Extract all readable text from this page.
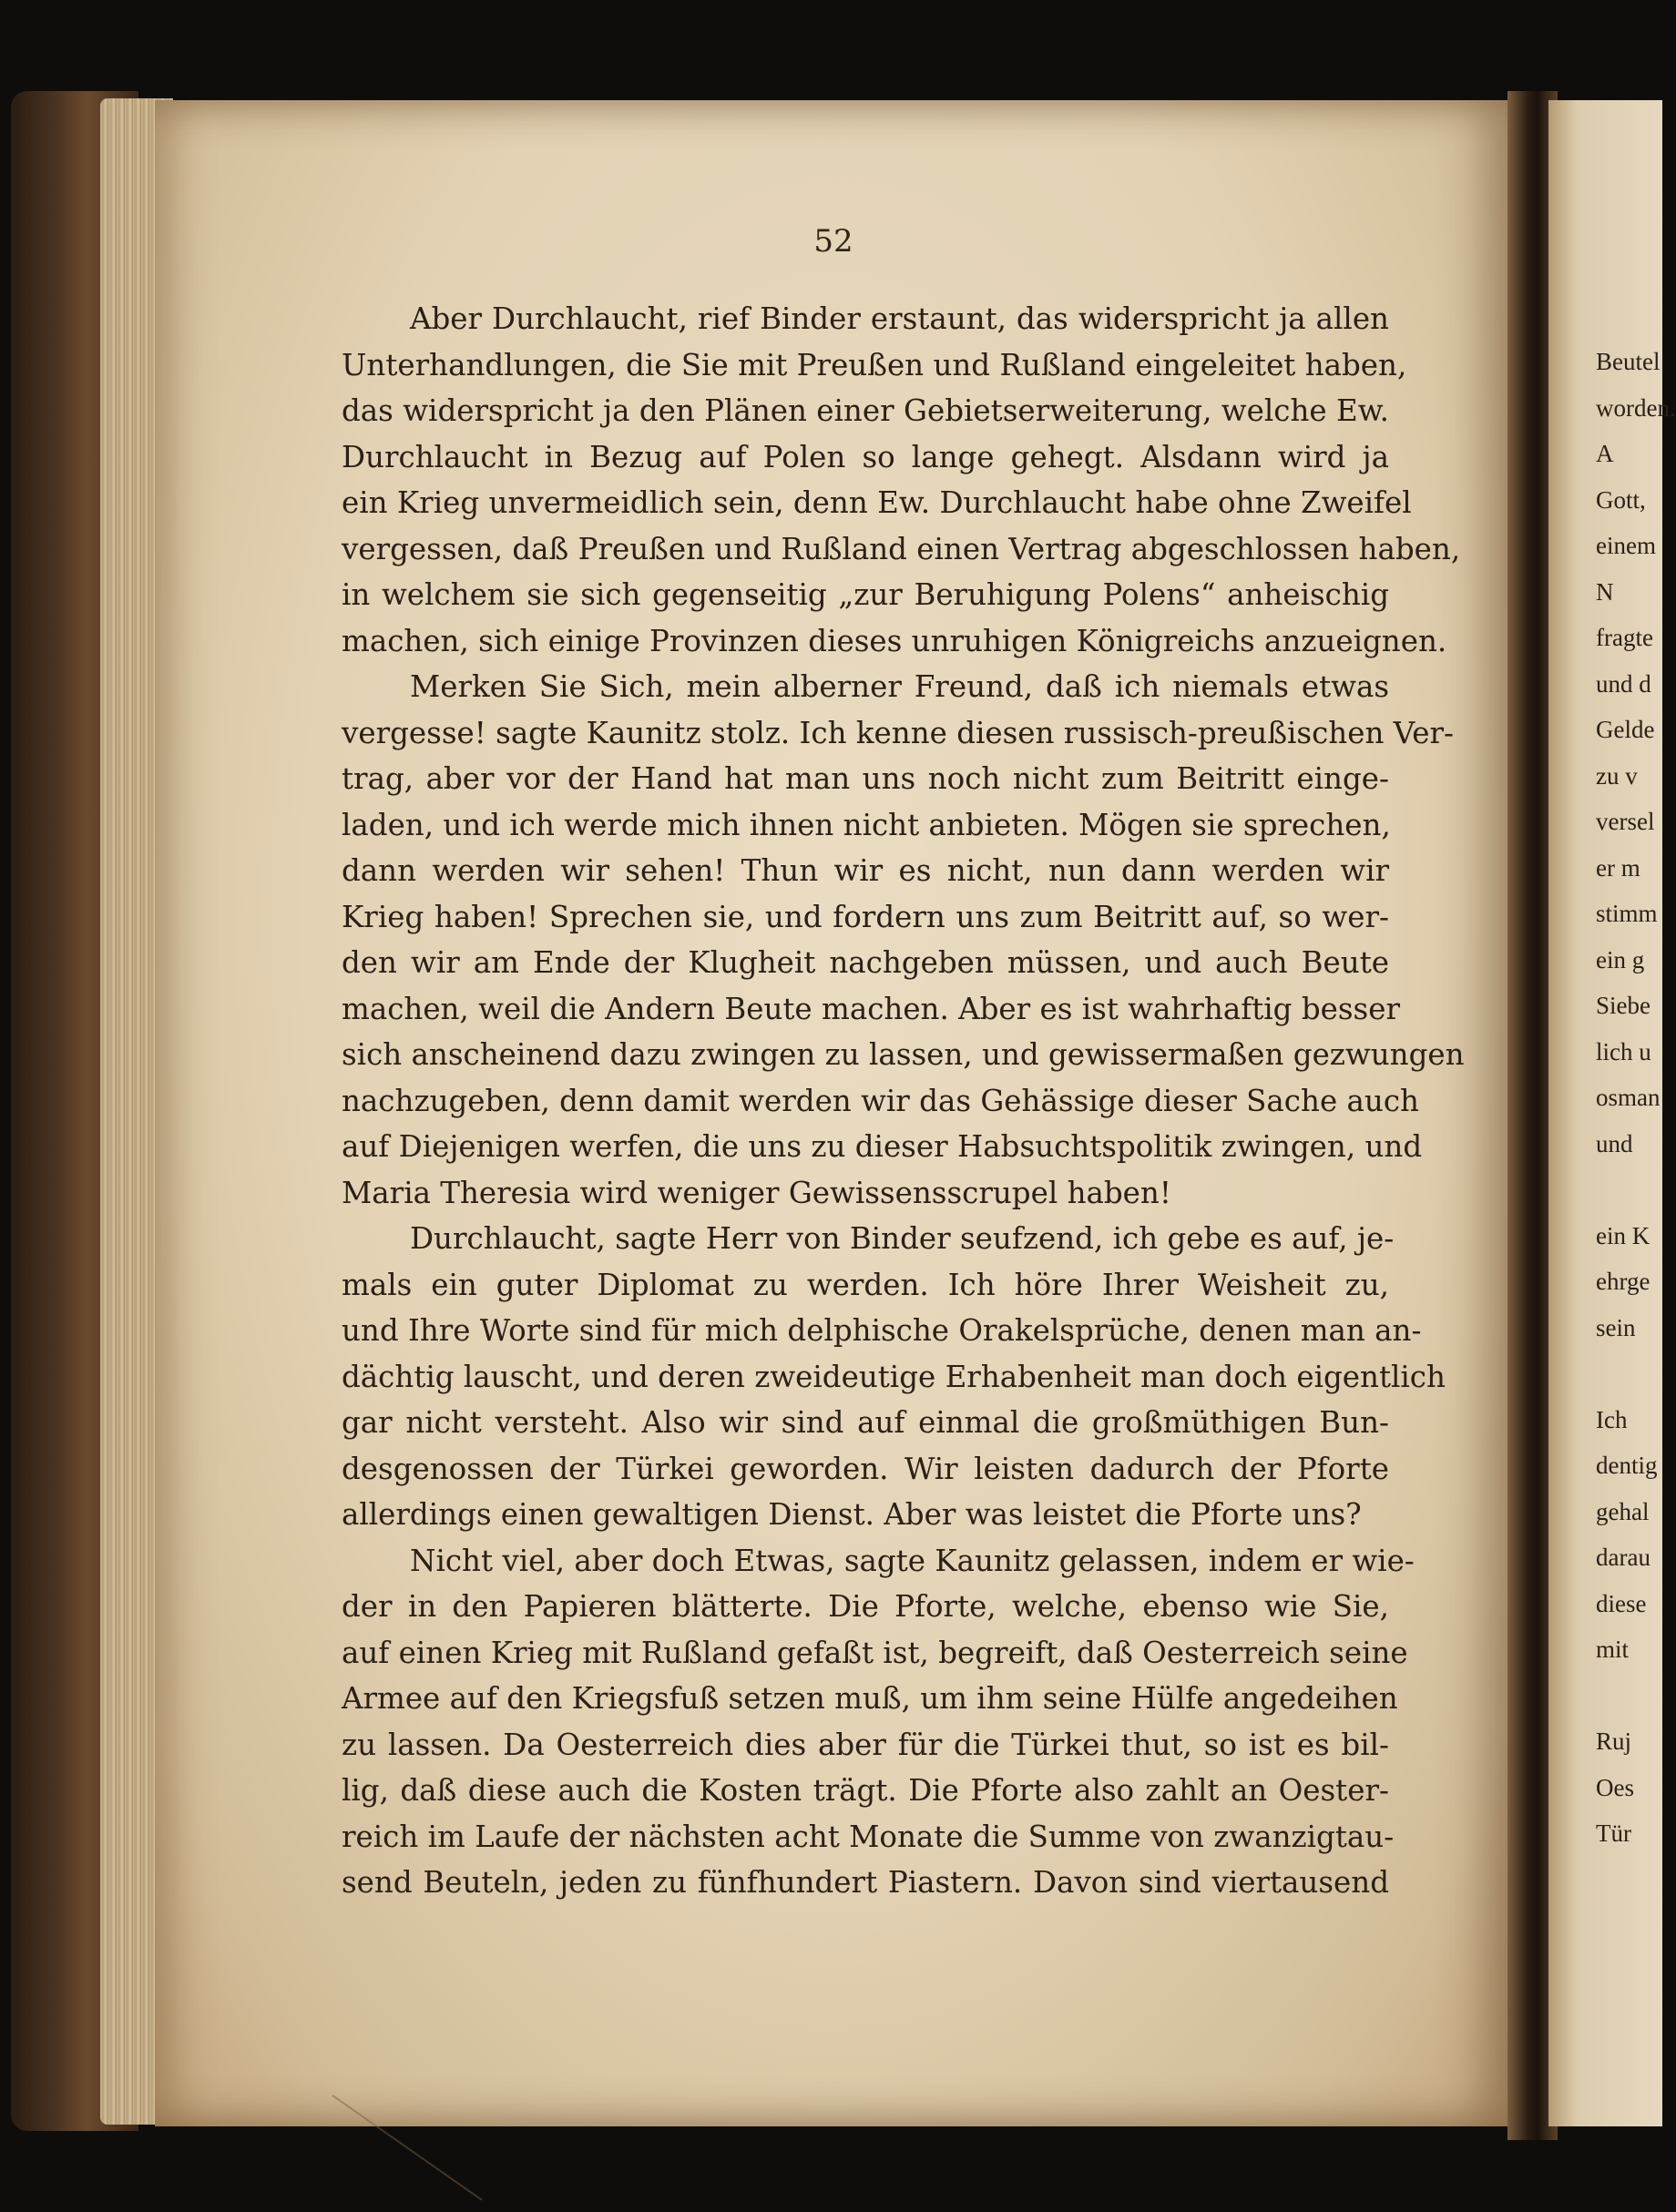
52
Aber Durchlaucht, rief Binder erstaunt, das widerspricht ja allen
Unterhandlungen, die Sie mit Preußen und Rußland eingeleitet haben,
das widerspricht ja den Plänen einer Gebietserweiterung, welche Ew.
Durchlaucht in Bezug auf Polen so lange gehegt. Alsdann wird ja
ein Krieg unvermeidlich sein, denn Ew. Durchlaucht habe ohne Zweifel
vergessen, daß Preußen und Rußland einen Vertrag abgeschlossen haben,
in welchem sie sich gegenseitig „zur Beruhigung Polens“ anheischig
machen, sich einige Provinzen dieses unruhigen Königreichs anzueignen.
Merken Sie Sich, mein alberner Freund, daß ich niemals etwas
vergesse! sagte Kaunitz stolz. Ich kenne diesen russisch-preußischen Ver-
trag, aber vor der Hand hat man uns noch nicht zum Beitritt einge-
laden, und ich werde mich ihnen nicht anbieten. Mögen sie sprechen,
dann werden wir sehen! Thun wir es nicht, nun dann werden wir
Krieg haben! Sprechen sie, und fordern uns zum Beitritt auf, so wer-
den wir am Ende der Klugheit nachgeben müssen, und auch Beute
machen, weil die Andern Beute machen. Aber es ist wahrhaftig besser
sich anscheinend dazu zwingen zu lassen, und gewissermaßen gezwungen
nachzugeben, denn damit werden wir das Gehässige dieser Sache auch
auf Diejenigen werfen, die uns zu dieser Habsuchtspolitik zwingen, und
Maria Theresia wird weniger Gewissensscrupel haben!
Durchlaucht, sagte Herr von Binder seufzend, ich gebe es auf, je-
mals ein guter Diplomat zu werden. Ich höre Ihrer Weisheit zu,
und Ihre Worte sind für mich delphische Orakelsprüche, denen man an-
dächtig lauscht, und deren zweideutige Erhabenheit man doch eigentlich
gar nicht versteht. Also wir sind auf einmal die großmüthigen Bun-
desgenossen der Türkei geworden. Wir leisten dadurch der Pforte
allerdings einen gewaltigen Dienst. Aber was leistet die Pforte uns?
Nicht viel, aber doch Etwas, sagte Kaunitz gelassen, indem er wie-
der in den Papieren blätterte. Die Pforte, welche, ebenso wie Sie,
auf einen Krieg mit Rußland gefaßt ist, begreift, daß Oesterreich seine
Armee auf den Kriegsfuß setzen muß, um ihm seine Hülfe angedeihen
zu lassen. Da Oesterreich dies aber für die Türkei thut, so ist es bil-
lig, daß diese auch die Kosten trägt. Die Pforte also zahlt an Oester-
reich im Laufe der nächsten acht Monate die Summe von zwanzigtau-
send Beuteln, jeden zu fünfhundert Piastern. Davon sind viertausend
Beutel
worden.
A
Gott,
einem
N
fragte
und d
Gelde
zu v
versel
er m
stimm
ein g
Siebe
lich u
osman
und
ein K
ehrge
sein
Ich
dentig
gehal
darau
diese
mit
Ruj
Oes
Tür
